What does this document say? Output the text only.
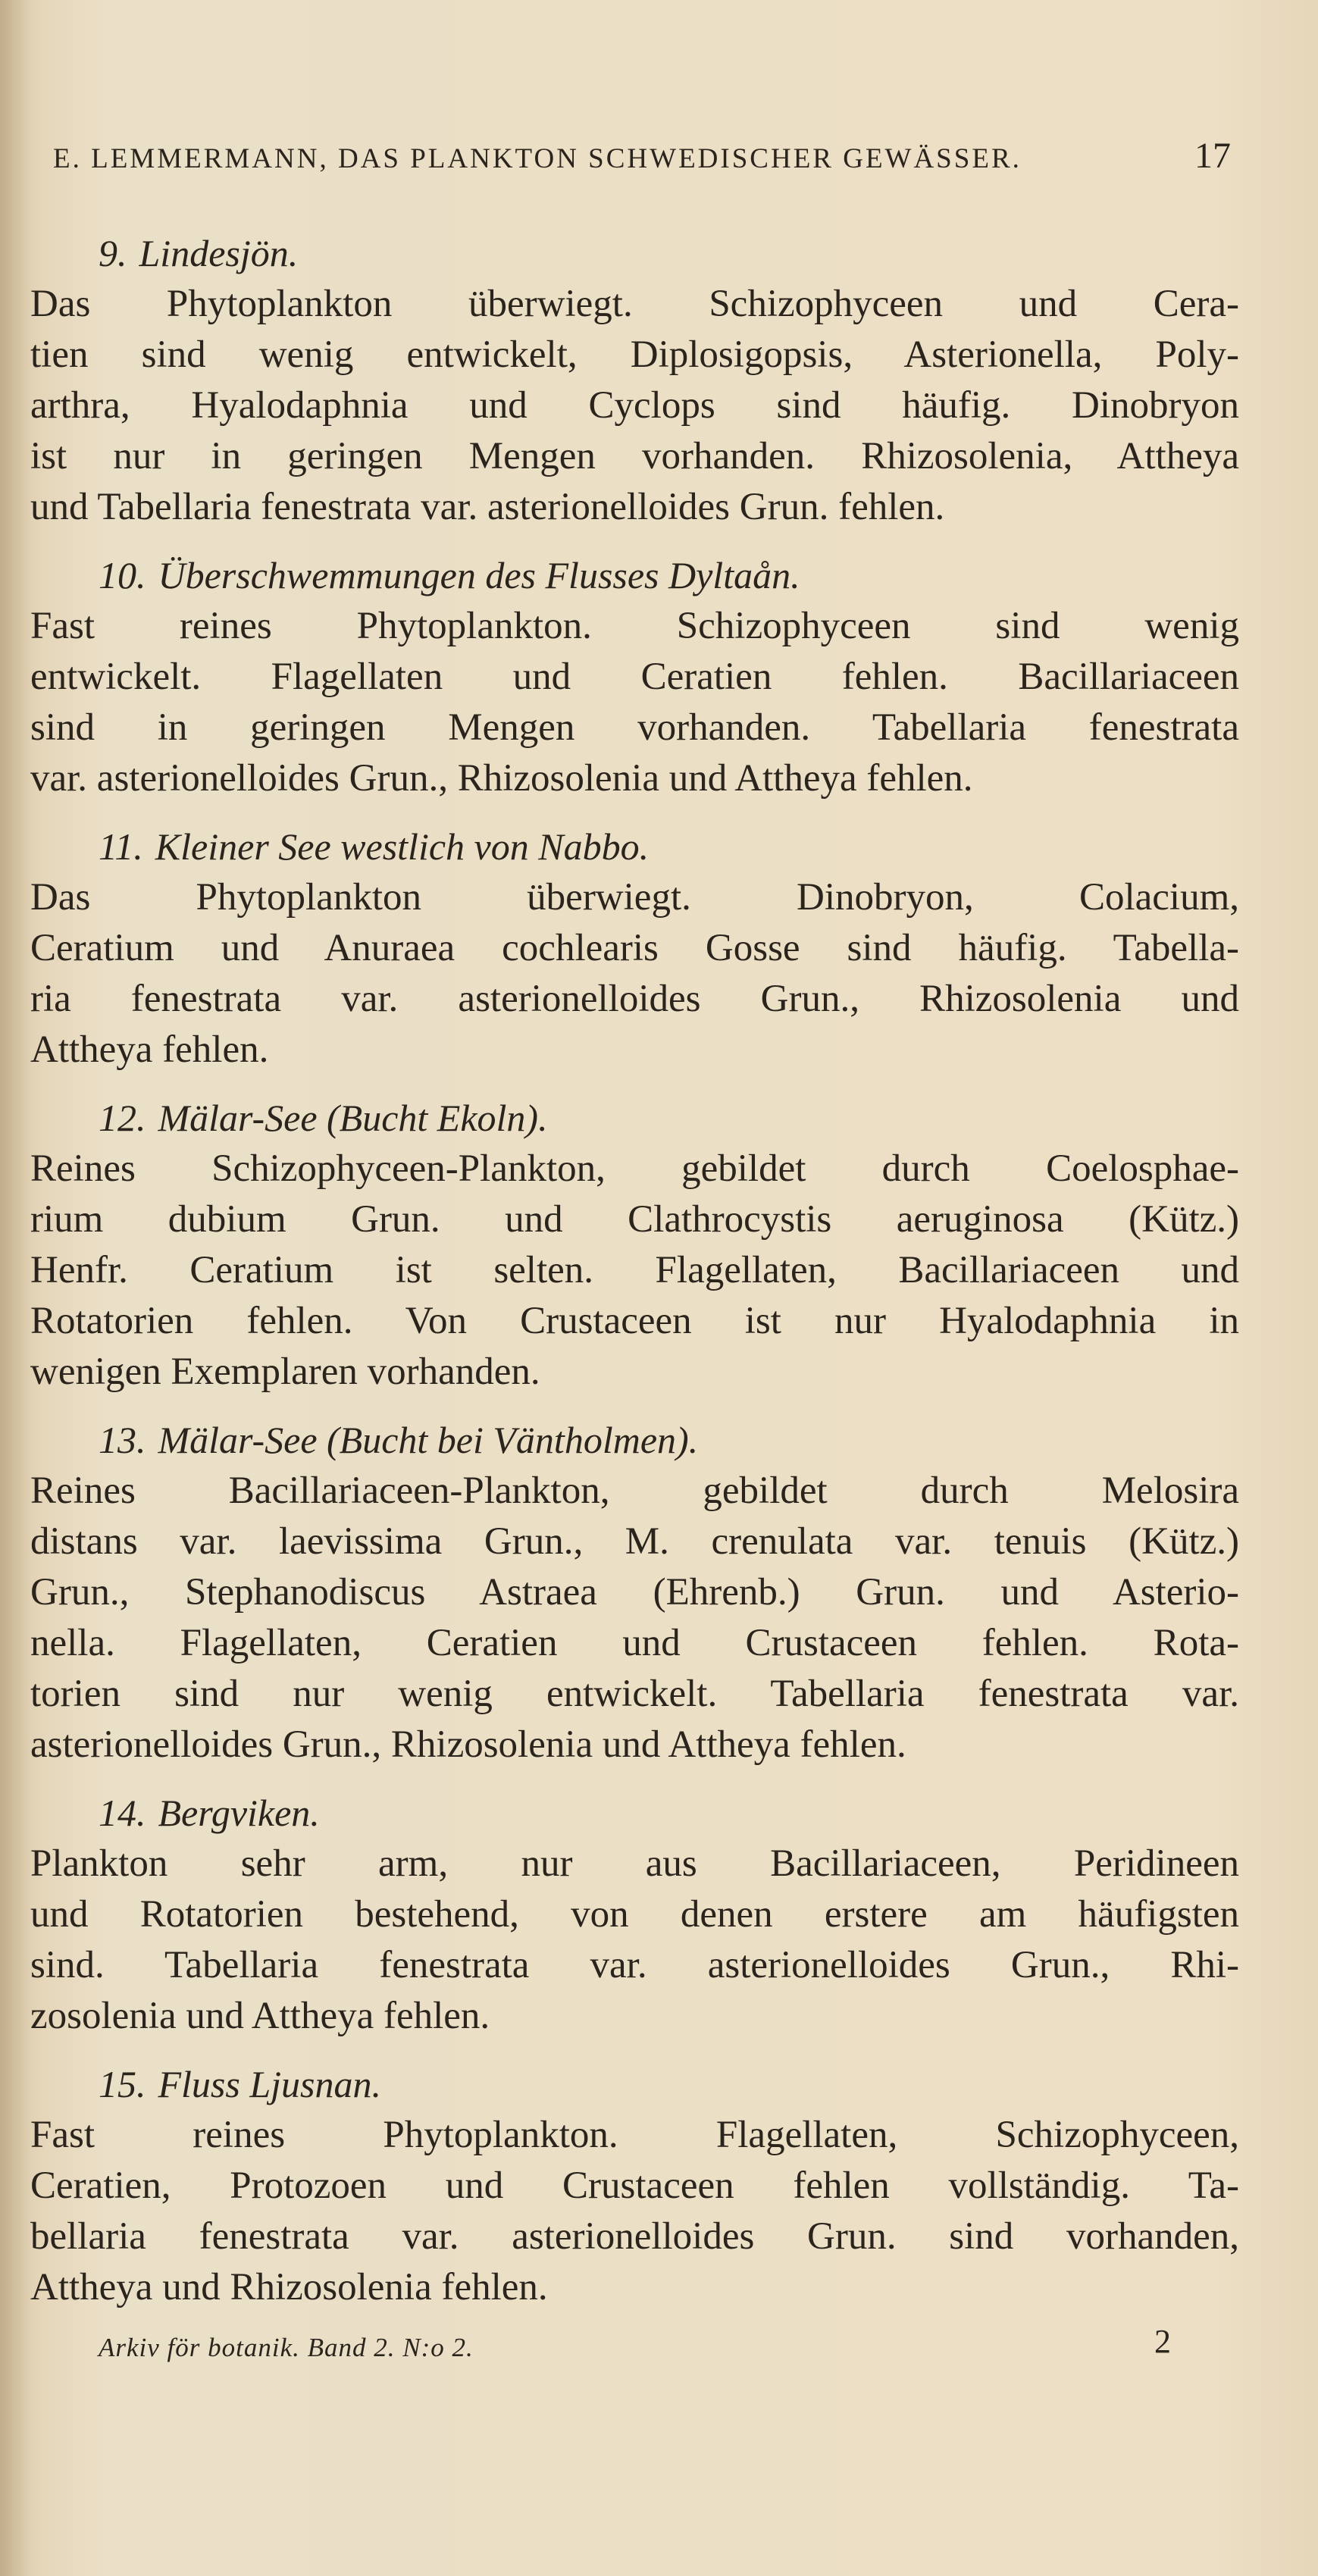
E. LEMMERMANN, DAS PLANKTON SCHWEDISCHER GEWÄSSER.	17
9. Lindesjön.
Das Phytoplankton überwiegt. Schizophyceen und Cera-
tien sind wenig entwickelt, Diplosigopsis, Asterionella, Poly-
arthra, Hyalodaphnia und Cyclops sind häufig. Dinobryon
ist nur in geringen Mengen vorhanden. Rhizosolenia, Attheya
und Tabellaria fenestrata var. asterionelloides Grun. fehlen.
10. Überschwemmungen des Flusses Dyltaån.
Fast reines Phytoplankton. Schizophyceen sind wenig
entwickelt. Flagellaten und Ceratien fehlen. Bacillariaceen
sind in geringen Mengen vorhanden. Tabellaria fenestrata
var. asterionelloides Grun., Rhizosolenia und Attheya fehlen.
11. Kleiner See westlich von Nabbo.
Das Phytoplankton überwiegt. Dinobryon, Colacium,
Ceratium und Anuraea cochlearis Gosse sind häufig. Tabella-
ria fenestrata var. asterionelloides Grun., Rhizosolenia und
Attheya fehlen.
12. Mälar-See (Bucht Ekoln).
Reines Schizophyceen-Plankton, gebildet durch Coelosphae-
rium dubium Grun. und Clathrocystis aeruginosa (Kütz.)
Henfr. Ceratium ist selten. Flagellaten, Bacillariaceen und
Rotatorien fehlen. Von Crustaceen ist nur Hyalodaphnia in
wenigen Exemplaren vorhanden.
13. Mälar-See (Bucht bei Väntholmen).
Reines Bacillariaceen-Plankton, gebildet durch Melosira
distans var. laevissima Grun., M. crenulata var. tenuis (Kütz.)
Grun., Stephanodiscus Astraea (Ehrenb.) Grun. und Asterio-
nella. Flagellaten, Ceratien und Crustaceen fehlen. Rota-
torien sind nur wenig entwickelt. Tabellaria fenestrata var.
asterionelloides Grun., Rhizosolenia und Attheya fehlen.
14. Bergviken.
Plankton sehr arm, nur aus Bacillariaceen, Peridineen
und Rotatorien bestehend, von denen erstere am häufigsten
sind. Tabellaria fenestrata var. asterionelloides Grun., Rhi-
zosolenia und Attheya fehlen.
15. Fluss Ljusnan.
Fast reines Phytoplankton. Flagellaten, Schizophyceen,
Ceratien, Protozoen und Crustaceen fehlen vollständig. Ta-
bellaria fenestrata var. asterionelloides Grun. sind vorhanden,
Attheya und Rhizosolenia fehlen.
Arkiv för botanik. Band 2. N:o 2.	2
